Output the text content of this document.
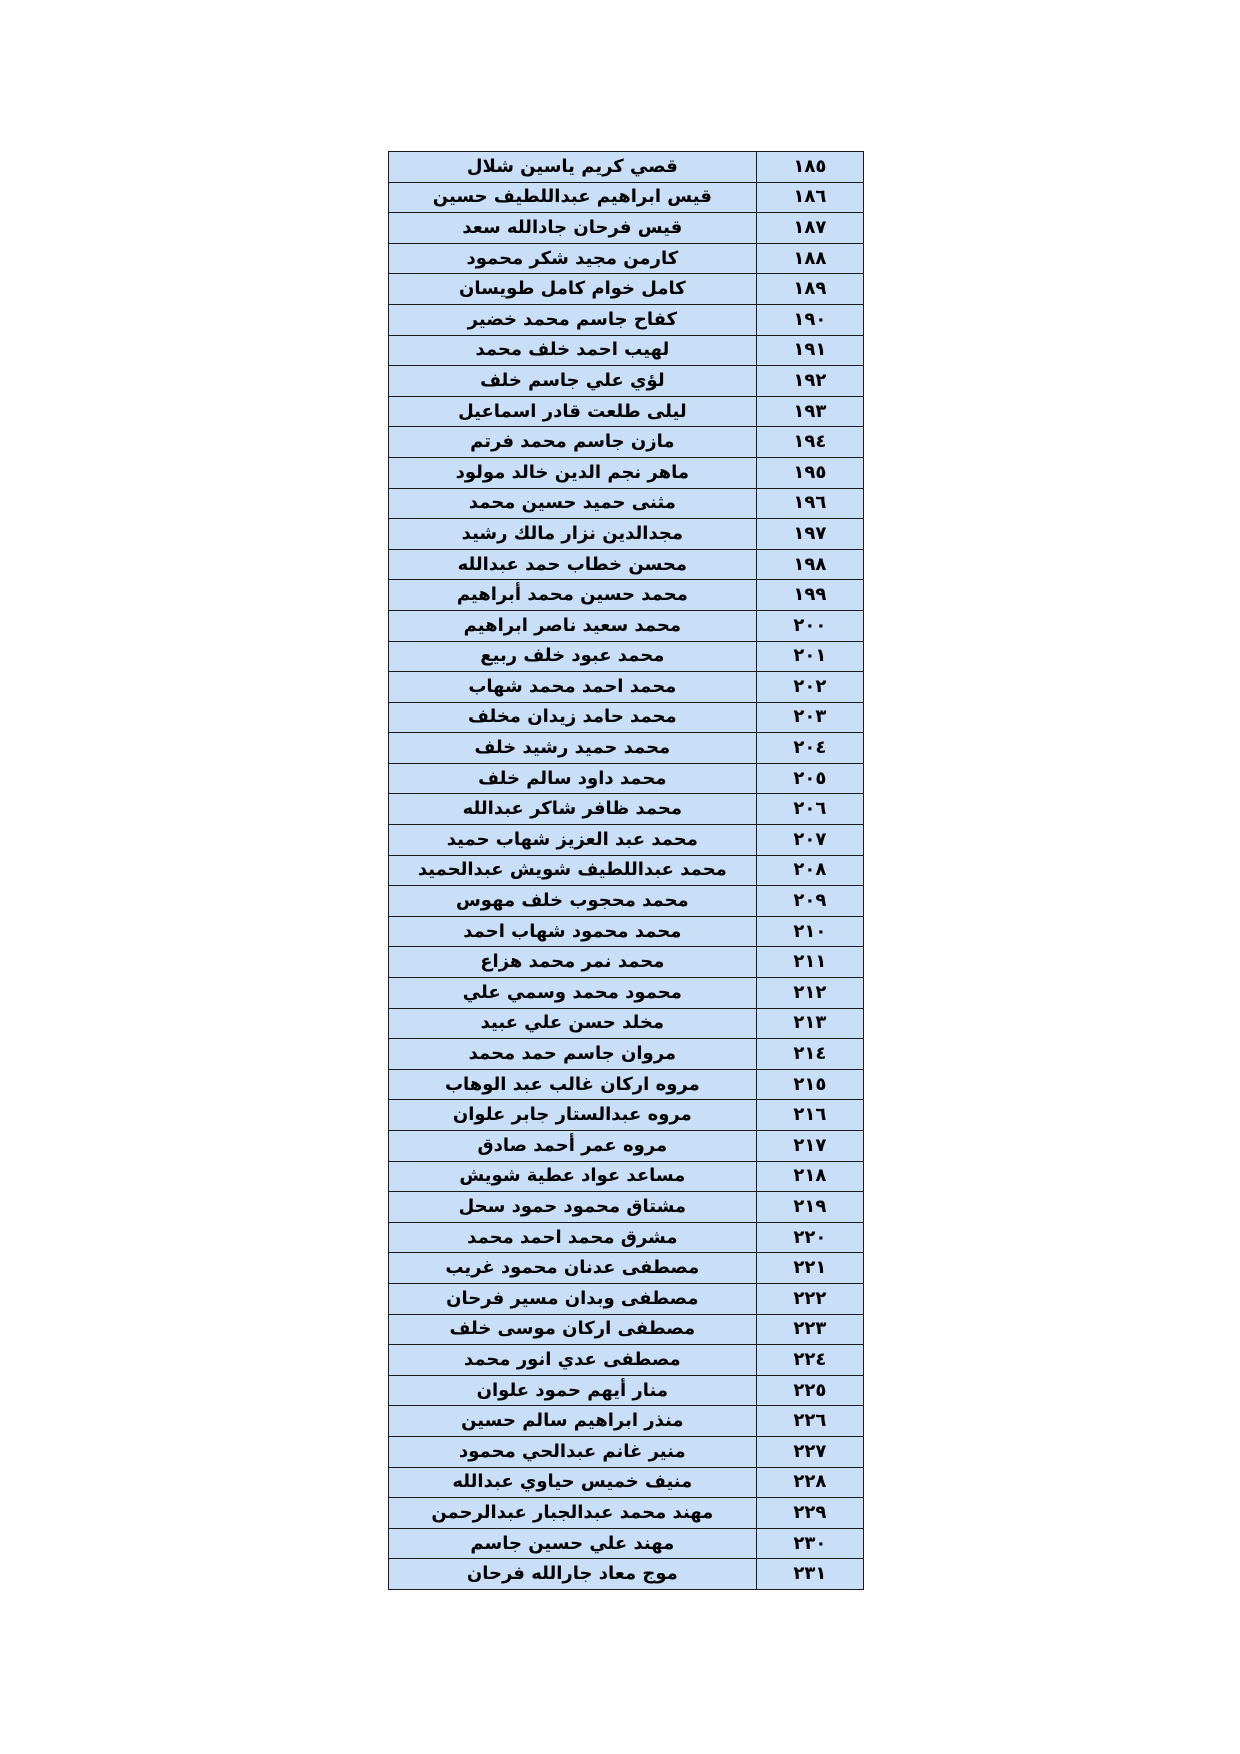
قصي كريم ياسين شلال	١٨٥
قيس ابراهيم عبداللطيف حسين	١٨٦
قيس فرحان جادالله سعد	١٨٧
كارمن مجيد شكر محمود	١٨٨
كامل خوام كامل طويسان	١٨٩
كفاح جاسم محمد خضير	١٩٠
لهيب احمد خلف محمد	١٩١
لؤي علي جاسم خلف	١٩٢
ليلى طلعت قادر اسماعيل	١٩٣
مازن جاسم محمد فرتم	١٩٤
ماهر نجم الدين خالد مولود	١٩٥
مثنى حميد حسين محمد	١٩٦
مجدالدين نزار مالك رشيد	١٩٧
محسن خطاب حمد عبدالله	١٩٨
محمد حسين محمد أبراهيم	١٩٩
محمد سعيد ناصر ابراهيم	٢٠٠
محمد عبود خلف ربيع	٢٠١
محمد احمد محمد شهاب	٢٠٢
محمد حامد زيدان مخلف	٢٠٣
محمد حميد رشيد خلف	٢٠٤
محمد داود سالم خلف	٢٠٥
محمد ظافر شاكر عبدالله	٢٠٦
محمد عبد العزيز شهاب حميد	٢٠٧
محمد عبداللطيف شويش عبدالحميد	٢٠٨
محمد محجوب خلف مهوس	٢٠٩
محمد محمود شهاب احمد	٢١٠
محمد نمر محمد هزاع	٢١١
محمود محمد وسمي علي	٢١٢
مخلد حسن علي عبيد	٢١٣
مروان جاسم حمد محمد	٢١٤
مروه اركان غالب عبد الوهاب	٢١٥
مروه عبدالستار جابر علوان	٢١٦
مروه عمر أحمد صادق	٢١٧
مساعد عواد عطية شويش	٢١٨
مشتاق محمود حمود سحل	٢١٩
مشرق محمد احمد محمد	٢٢٠
مصطفى عدنان محمود غريب	٢٢١
مصطفى وبدان مسير فرحان	٢٢٢
مصطفى اركان موسى خلف	٢٢٣
مصطفى عدي انور محمد	٢٢٤
منار أيهم حمود علوان	٢٢٥
منذر ابراهيم سالم حسين	٢٢٦
منير غانم عبدالحي محمود	٢٢٧
منيف خميس حياوي عبدالله	٢٢٨
مهند محمد عبدالجبار عبدالرحمن	٢٢٩
مهند علي حسين جاسم	٢٣٠
موج معاد جارالله فرحان	٢٣١
